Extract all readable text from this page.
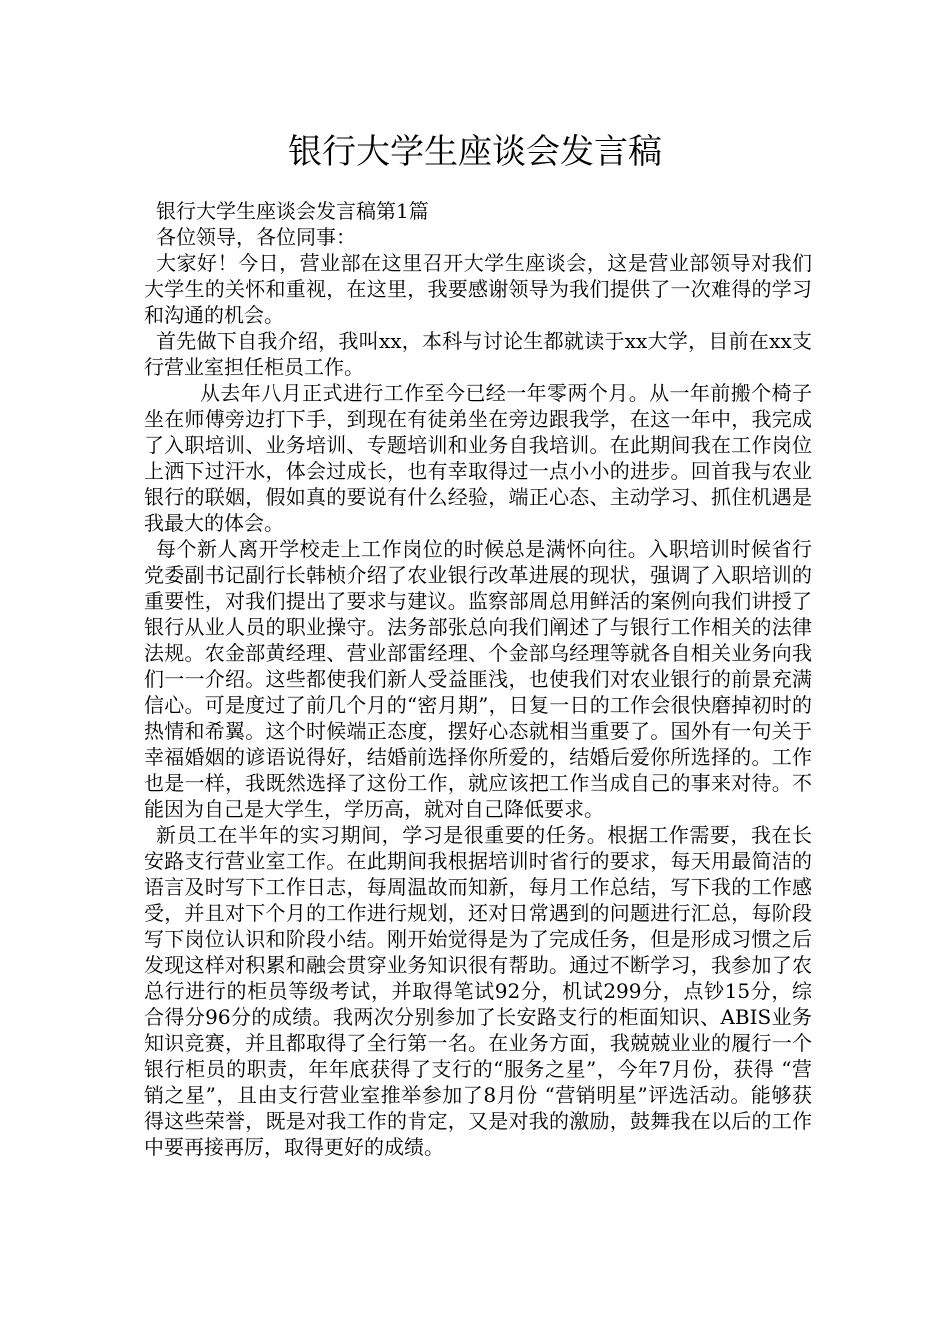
银行大学生座谈会发言稿

银行大学生座谈会发言稿第1篇

各位领导，各位同事：

大家好！今日，营业部在这里召开大学生座谈会，这是营业部领导对我们大学生的关怀和重视，在这里，我要感谢领导为我们提供了一次难得的学习和沟通的机会。

首先做下自我介绍，我叫xx，本科与讨论生都就读于xx大学，目前在xx支行营业室担任柜员工作。

从去年八月正式进行工作至今已经一年零两个月。从一年前搬个椅子坐在师傅旁边打下手，到现在有徒弟坐在旁边跟我学，在这一年中，我完成了入职培训、业务培训、专题培训和业务自我培训。在此期间我在工作岗位上洒下过汗水，体会过成长，也有幸取得过一点小小的进步。回首我与农业银行的联姻，假如真的要说有什么经验，端正心态、主动学习、抓住机遇是我最大的体会。

每个新人离开学校走上工作岗位的时候总是满怀向往。入职培训时候省行党委副书记副行长韩桢介绍了农业银行改革进展的现状，强调了入职培训的重要性，对我们提出了要求与建议。监察部周总用鲜活的案例向我们讲授了银行从业人员的职业操守。法务部张总向我们阐述了与银行工作相关的法律法规。农金部黄经理、营业部雷经理、个金部乌经理等就各自相关业务向我们一一介绍。这些都使我们新人受益匪浅，也使我们对农业银行的前景充满信心。可是度过了前几个月的“密月期”，日复一日的工作会很快磨掉初时的热情和希翼。这个时候端正态度，摆好心态就相当重要了。国外有一句关于幸福婚姻的谚语说得好，结婚前选择你所爱的，结婚后爱你所选择的。工作也是一样，我既然选择了这份工作，就应该把工作当成自己的事来对待。不能因为自己是大学生，学历高，就对自己降低要求。

新员工在半年的实习期间，学习是很重要的任务。根据工作需要，我在长安路支行营业室工作。在此期间我根据培训时省行的要求，每天用最简洁的语言及时写下工作日志，每周温故而知新，每月工作总结，写下我的工作感受，并且对下个月的工作进行规划，还对日常遇到的问题进行汇总，每阶段写下岗位认识和阶段小结。刚开始觉得是为了完成任务，但是形成习惯之后发现这样对积累和融会贯穿业务知识很有帮助。通过不断学习，我参加了农总行进行的柜员等级考试，并取得笔试92分，机试299分，点钞15分，综合得分96分的成绩。我两次分别参加了长安路支行的柜面知识、ABIS业务知识竞赛，并且都取得了全行第一名。在业务方面，我兢兢业业的履行一个银行柜员的职责，年年底获得了支行的“服务之星”，今年7月份，获得 “营销之星”，且由支行营业室推举参加了8月份 “营销明星”评选活动。能够获得这些荣誉，既是对我工作的肯定，又是对我的激励，鼓舞我在以后的工作中要再接再厉，取得更好的成绩。
